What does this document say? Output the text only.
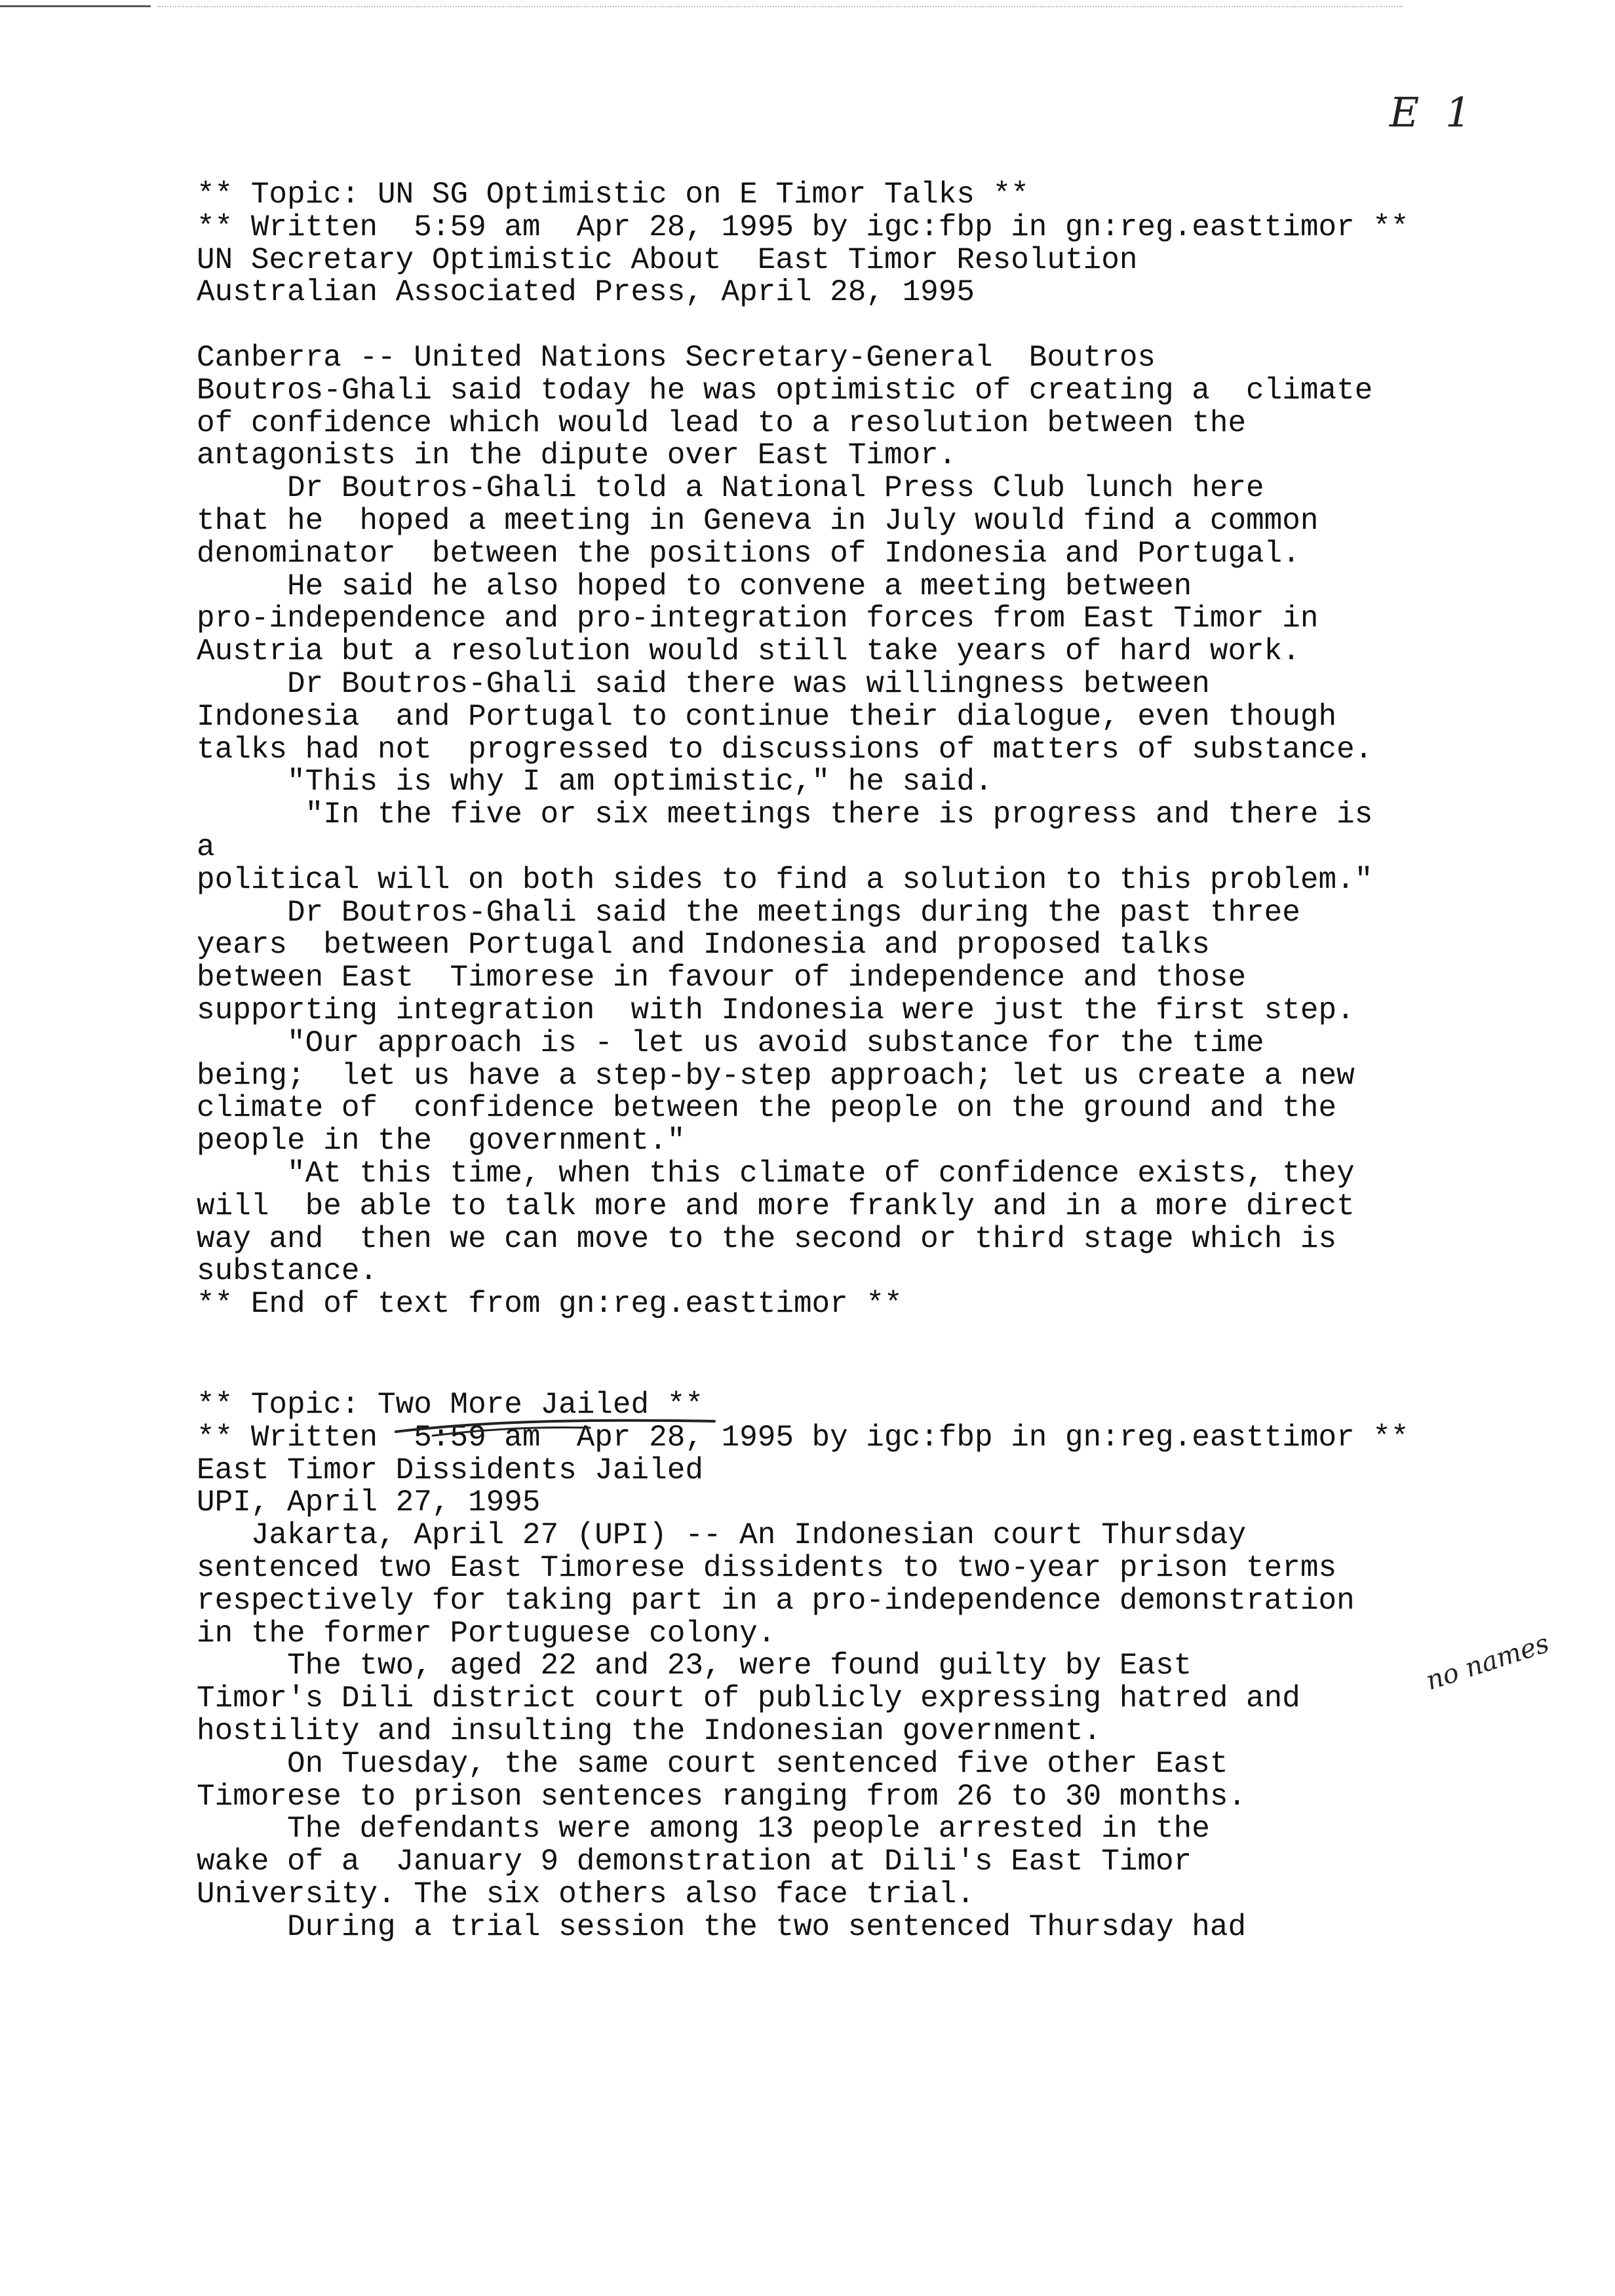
E 1
no names
** Topic: UN SG Optimistic on E Timor Talks **
** Written  5:59 am  Apr 28, 1995 by igc:fbp in gn:reg.easttimor **
UN Secretary Optimistic About  East Timor Resolution
Australian Associated Press, April 28, 1995
Canberra -- United Nations Secretary-General  Boutros
Boutros-Ghali said today he was optimistic of creating a  climate
of confidence which would lead to a resolution between the
antagonists in the dipute over East Timor.
Dr Boutros-Ghali told a National Press Club lunch here
that he  hoped a meeting in Geneva in July would find a common
denominator  between the positions of Indonesia and Portugal.
He said he also hoped to convene a meeting between
pro-independence and pro-integration forces from East Timor in
Austria but a resolution would still take years of hard work.
Dr Boutros-Ghali said there was willingness between
Indonesia  and Portugal to continue their dialogue, even though
talks had not  progressed to discussions of matters of substance.
"This is why I am optimistic," he said.
"In the five or six meetings there is progress and there is
a
political will on both sides to find a solution to this problem."
Dr Boutros-Ghali said the meetings during the past three
years  between Portugal and Indonesia and proposed talks
between East  Timorese in favour of independence and those
supporting integration  with Indonesia were just the first step.
"Our approach is - let us avoid substance for the time
being;  let us have a step-by-step approach; let us create a new
climate of  confidence between the people on the ground and the
people in the  government."
"At this time, when this climate of confidence exists, they
will  be able to talk more and more frankly and in a more direct
way and  then we can move to the second or third stage which is
substance.
** End of text from gn:reg.easttimor **
** Topic: Two More Jailed **
** Written  5:59 am  Apr 28, 1995 by igc:fbp in gn:reg.easttimor **
East Timor Dissidents Jailed
UPI, April 27, 1995
Jakarta, April 27 (UPI) -- An Indonesian court Thursday
sentenced two East Timorese dissidents to two-year prison terms
respectively for taking part in a pro-independence demonstration
in the former Portuguese colony.
The two, aged 22 and 23, were found guilty by East
Timor's Dili district court of publicly expressing hatred and
hostility and insulting the Indonesian government.
On Tuesday, the same court sentenced five other East
Timorese to prison sentences ranging from 26 to 30 months.
The defendants were among 13 people arrested in the
wake of a  January 9 demonstration at Dili's East Timor
University. The six others also face trial.
During a trial session the two sentenced Thursday had
